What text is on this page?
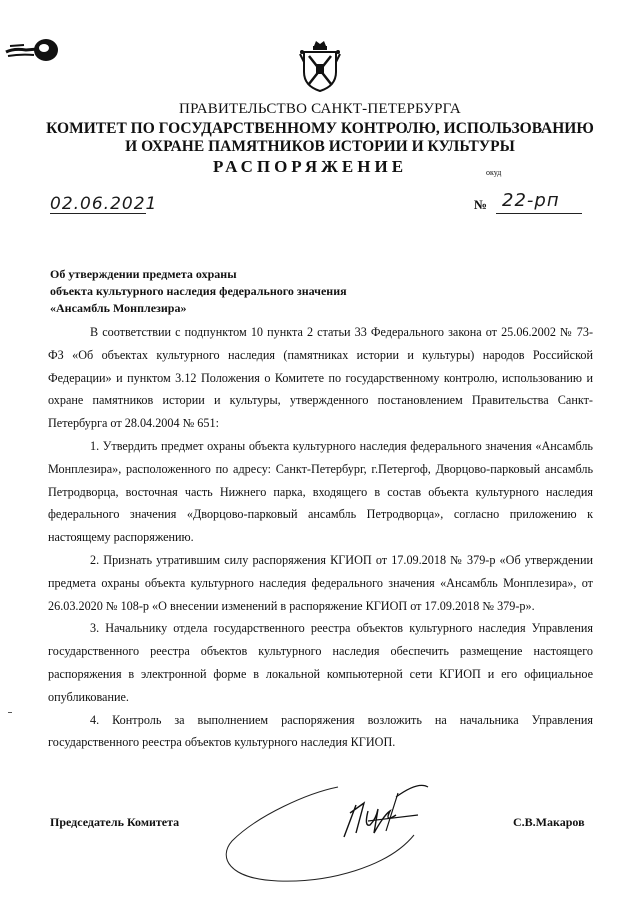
ПРАВИТЕЛЬСТВО САНКТ-ПЕТЕРБУРГА
КОМИТЕТ ПО ГОСУДАРСТВЕННОМУ КОНТРОЛЮ, ИСПОЛЬЗОВАНИЮ
И ОХРАНЕ ПАМЯТНИКОВ ИСТОРИИ И КУЛЬТУРЫ
РАСПОРЯЖЕНИЕ	окуд
02.06.2021	№ 22-рп
Об утверждении предмета охраны
объекта культурного наследия федерального значения
«Ансамбль Монплезира»

В соответствии с подпунктом 10 пункта 2 статьи 33 Федерального закона от 25.06.2002 № 73-ФЗ «Об объектах культурного наследия (памятниках истории и культуры) народов Российской Федерации» и пунктом 3.12 Положения о Комитете по государственному контролю, использованию и охране памятников истории и культуры, утвержденного постановлением Правительства Санкт-Петербурга от 28.04.2004 № 651:

1. Утвердить предмет охраны объекта культурного наследия федерального значения «Ансамбль Монплезира», расположенного по адресу: Санкт-Петербург, г.Петергоф, Дворцово-парковый ансамбль Петродворца, восточная часть Нижнего парка, входящего в состав объекта культурного наследия федерального значения «Дворцово-парковый ансамбль Петродворца», согласно приложению к настоящему распоряжению.

2. Признать утратившим силу распоряжения КГИОП от 17.09.2018 № 379-р «Об утверждении предмета охраны объекта культурного наследия федерального значения «Ансамбль Монплезира», от 26.03.2020 № 108-р «О внесении изменений в распоряжение КГИОП от 17.09.2018 № 379-р».

3. Начальнику отдела государственного реестра объектов культурного наследия Управления государственного реестра объектов культурного наследия обеспечить размещение настоящего распоряжения в электронной форме в локальной компьютерной сети КГИОП и его официальное опубликование.

4. Контроль за выполнением распоряжения возложить на начальника Управления государственного реестра объектов культурного наследия КГИОП.

Председатель Комитета	С.В.Макаров
